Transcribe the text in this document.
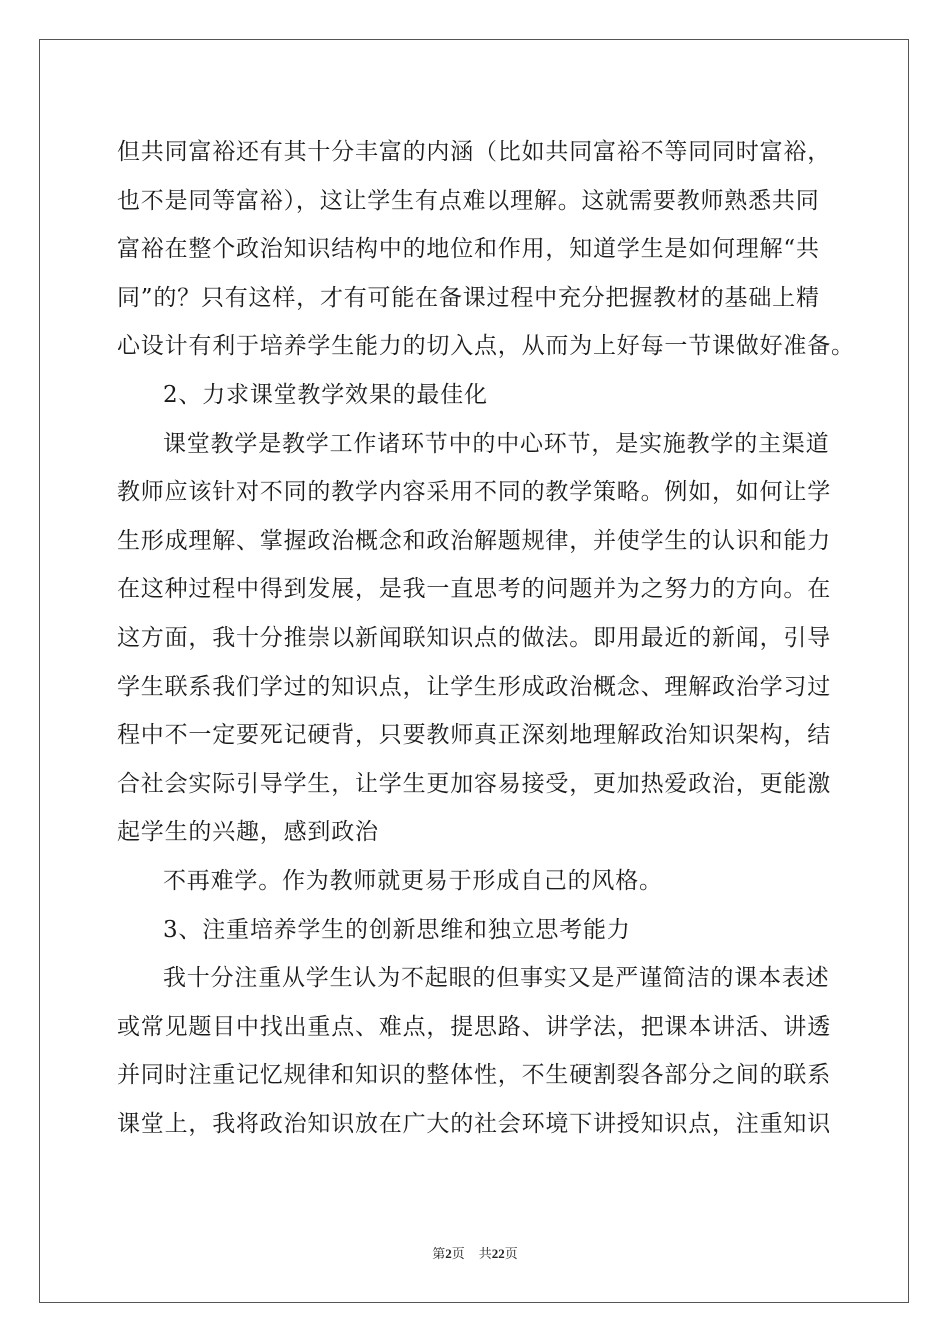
但共同富裕还有其十分丰富的内涵（比如共同富裕不等同同时富裕，
也不是同等富裕），这让学生有点难以理解。这就需要教师熟悉共同
富裕在整个政治知识结构中的地位和作用，知道学生是如何理解“共
同”的？只有这样，才有可能在备课过程中充分把握教材的基础上精
心设计有利于培养学生能力的切入点，从而为上好每一节课做好准备。
2、力求课堂教学效果的最佳化
课堂教学是教学工作诸环节中的中心环节，是实施教学的主渠道
教师应该针对不同的教学内容采用不同的教学策略。例如，如何让学
生形成理解、掌握政治概念和政治解题规律，并使学生的认识和能力
在这种过程中得到发展，是我一直思考的问题并为之努力的方向。在
这方面，我十分推崇以新闻联知识点的做法。即用最近的新闻，引导
学生联系我们学过的知识点，让学生形成政治概念、理解政治学习过
程中不一定要死记硬背，只要教师真正深刻地理解政治知识架构，结
合社会实际引导学生，让学生更加容易接受，更加热爱政治，更能激
起学生的兴趣，感到政治
不再难学。作为教师就更易于形成自己的风格。
3、注重培养学生的创新思维和独立思考能力
我十分注重从学生认为不起眼的但事实又是严谨简洁的课本表述
或常见题目中找出重点、难点，提思路、讲学法，把课本讲活、讲透
并同时注重记忆规律和知识的整体性，不生硬割裂各部分之间的联系
课堂上，我将政治知识放在广大的社会环境下讲授知识点，注重知识
第2页 共22页
